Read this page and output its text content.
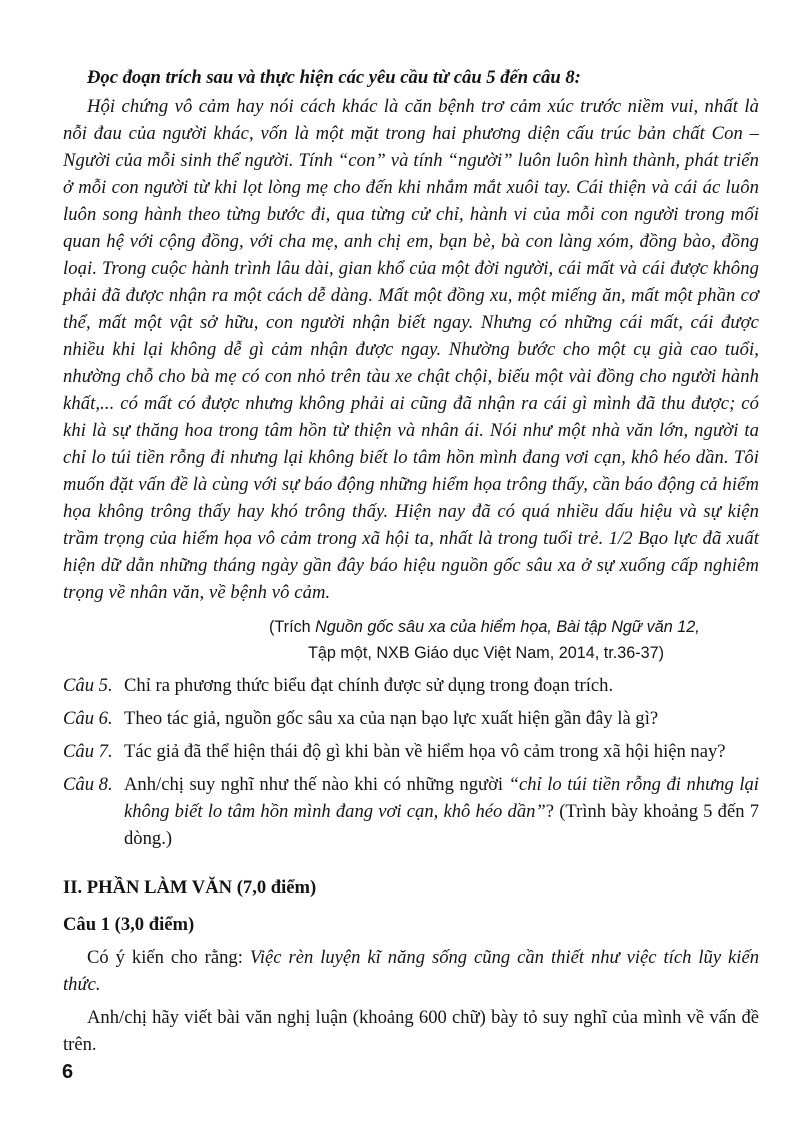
Đọc đoạn trích sau và thực hiện các yêu cầu từ câu 5 đến câu 8:

Hội chứng vô cảm hay nói cách khác là căn bệnh trơ cảm xúc trước niềm vui, nhất là nỗi đau của người khác, vốn là một mặt trong hai phương diện cấu trúc bản chất Con – Người của mỗi sinh thể người. Tính “con” và tính “người” luôn luôn hình thành, phát triển ở mỗi con người từ khi lọt lòng mẹ cho đến khi nhắm mắt xuôi tay. Cái thiện và cái ác luôn luôn song hành theo từng bước đi, qua từng cử chỉ, hành vi của mỗi con người trong mối quan hệ với cộng đồng, với cha mẹ, anh chị em, bạn bè, bà con làng xóm, đồng bào, đồng loại. Trong cuộc hành trình lâu dài, gian khổ của một đời người, cái mất và cái được không phải đã được nhận ra một cách dễ dàng. Mất một đồng xu, một miếng ăn, mất một phần cơ thể, mất một vật sở hữu, con người nhận biết ngay. Nhưng có những cái mất, cái được nhiều khi lại không dễ gì cảm nhận được ngay. Nhường bước cho một cụ già cao tuổi, nhường chỗ cho bà mẹ có con nhỏ trên tàu xe chật chội, biếu một vài đồng cho người hành khất,... có mất có được nhưng không phải ai cũng đã nhận ra cái gì mình đã thu được; có khi là sự thăng hoa trong tâm hồn từ thiện và nhân ái. Nói như một nhà văn lớn, người ta chỉ lo túi tiền rỗng đi nhưng lại không biết lo tâm hồn mình đang vơi cạn, khô héo dần. Tôi muốn đặt vấn đề là cùng với sự báo động những hiểm họa trông thấy, cần báo động cả hiểm họa không trông thấy hay khó trông thấy. Hiện nay đã có quá nhiều dấu hiệu và sự kiện trầm trọng của hiểm họa vô cảm trong xã hội ta, nhất là trong tuổi trẻ. 1/2 Bạo lực đã xuất hiện dữ dằn những tháng ngày gần đây báo hiệu nguồn gốc sâu xa ở sự xuống cấp nghiêm trọng về nhân văn, về bệnh vô cảm.

(Trích Nguồn gốc sâu xa của hiểm họa, Bài tập Ngữ văn 12,
Tập một, NXB Giáo dục Việt Nam, 2014, tr.36-37)
Câu 5. Chỉ ra phương thức biểu đạt chính được sử dụng trong đoạn trích.
Câu 6. Theo tác giả, nguồn gốc sâu xa của nạn bạo lực xuất hiện gần đây là gì?
Câu 7. Tác giả đã thể hiện thái độ gì khi bàn về hiểm họa vô cảm trong xã hội hiện nay?
Câu 8. Anh/chị suy nghĩ như thế nào khi có những người “chỉ lo túi tiền rỗng đi nhưng lại không biết lo tâm hồn mình đang vơi cạn, khô héo dần”? (Trình bày khoảng 5 đến 7 dòng.)
II. PHẦN LÀM VĂN (7,0 điểm)
Câu 1 (3,0 điểm)

Có ý kiến cho rằng: Việc rèn luyện kĩ năng sống cũng cần thiết như việc tích lũy kiến thức.

Anh/chị hãy viết bài văn nghị luận (khoảng 600 chữ) bày tỏ suy nghĩ của mình về vấn đề trên.

6
